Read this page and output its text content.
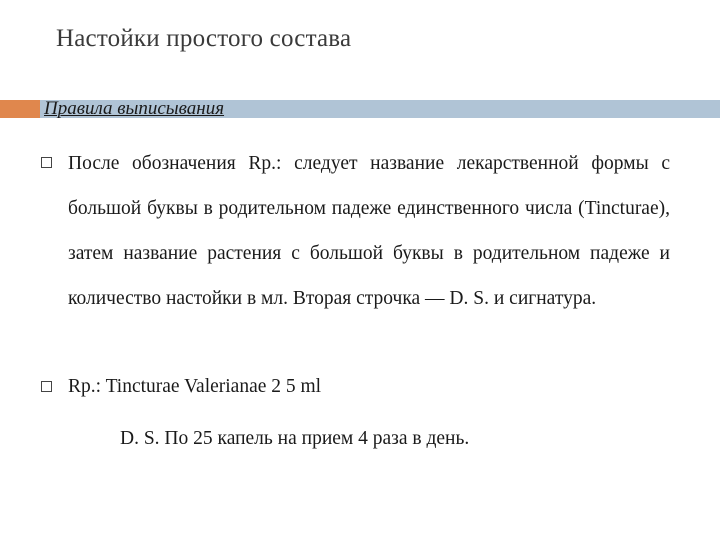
Настойки простого состава
Правила выписывания

После обозначения Rp.: следует название лекарственной формы с большой буквы в родительном падеже единственного числа (Tincturae), затем название растения с большой буквы в родительном падеже и количество настойки в мл. Вторая строчка — D. S. и сигнатура.

Rp.: Tincturae Valerianae 2 5 ml
D. S. По 25 капель на прием 4 раза в день.
